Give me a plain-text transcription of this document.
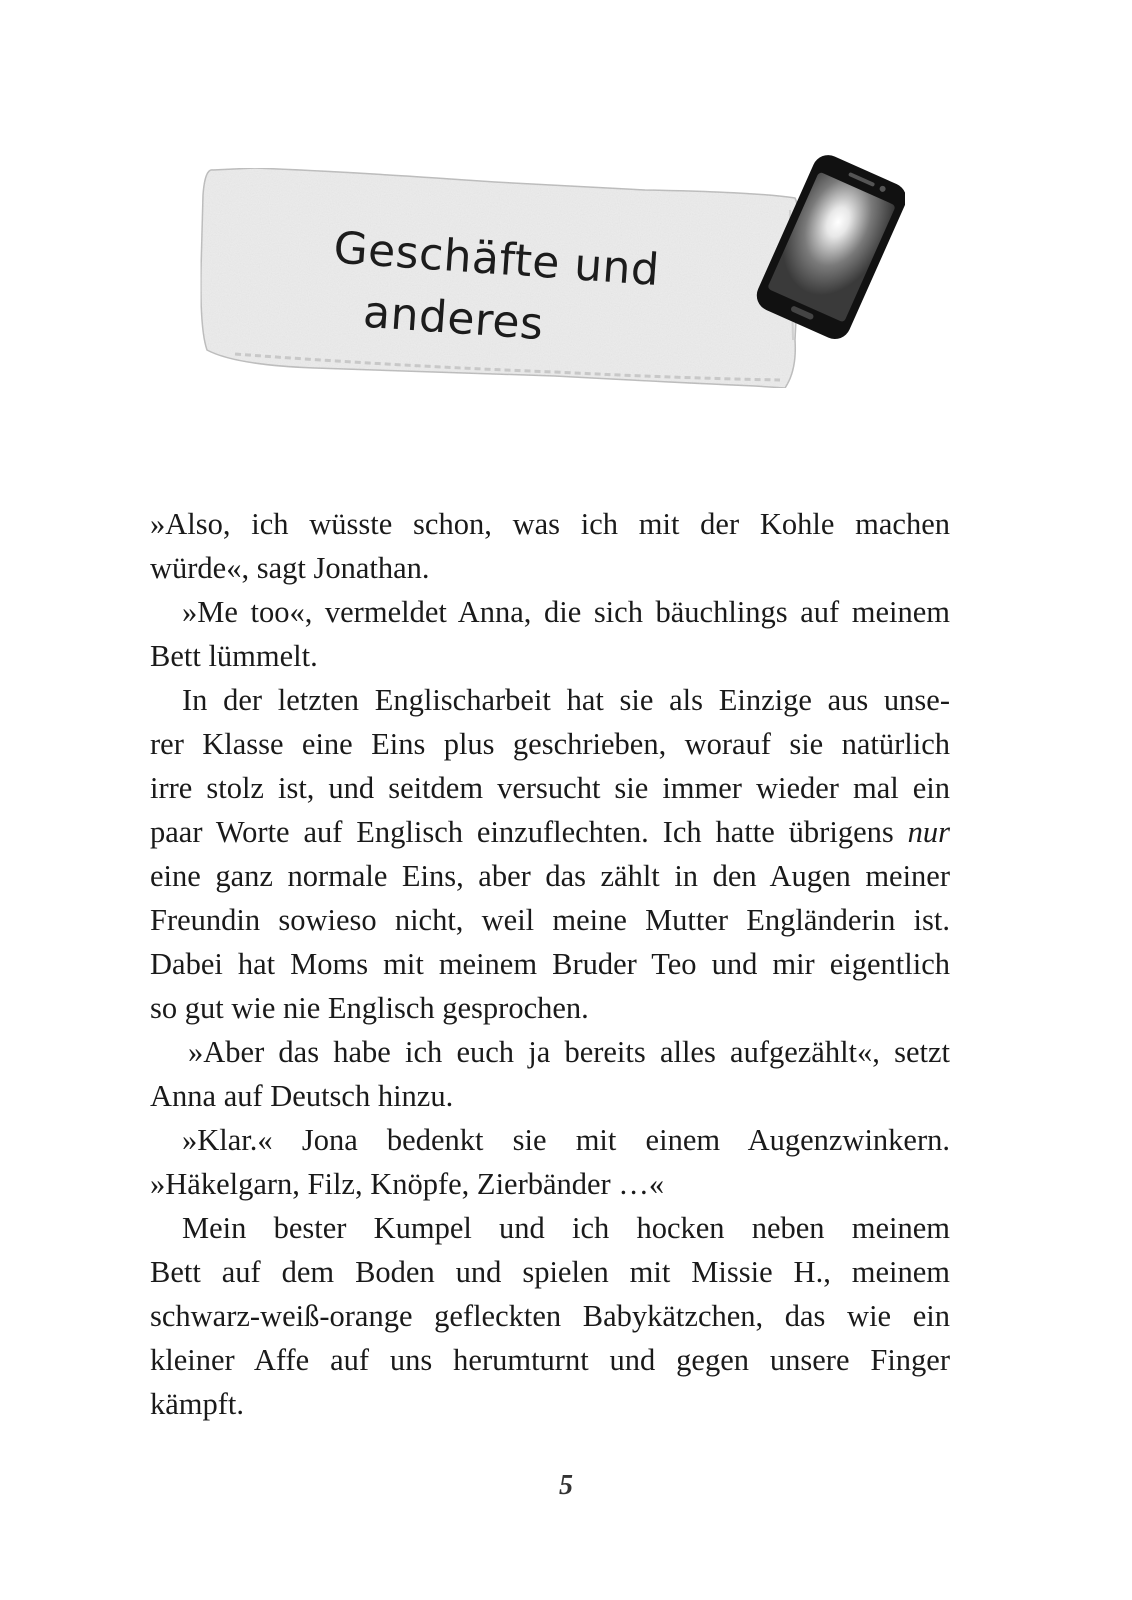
Geschäfte und
anderes
»Also, ich wüsste schon, was ich mit der Kohle machen
würde«, sagt Jonathan.
»Me too«, vermeldet Anna, die sich bäuchlings auf meinem
Bett lümmelt.
In der letzten Englischarbeit hat sie als Einzige aus unse-
rer Klasse eine Eins plus geschrieben, worauf sie natürlich
irre stolz ist, und seitdem versucht sie immer wieder mal ein
paar Worte auf Englisch einzuflechten. Ich hatte übrigens nur
eine ganz normale Eins, aber das zählt in den Augen meiner
Freundin sowieso nicht, weil meine Mutter Engländerin ist.
Dabei hat Moms mit meinem Bruder Teo und mir eigentlich
so gut wie nie Englisch gesprochen.
»Aber das habe ich euch ja bereits alles aufgezählt«, setzt
Anna auf Deutsch hinzu.
»Klar.« Jona bedenkt sie mit einem Augenzwinkern.
»Häkelgarn, Filz, Knöpfe, Zierbänder …«
Mein bester Kumpel und ich hocken neben meinem
Bett auf dem Boden und spielen mit Missie H., meinem
schwarz-weiß-orange gefleckten Babykätzchen, das wie ein
kleiner Affe auf uns herumturnt und gegen unsere Finger
kämpft.
5
